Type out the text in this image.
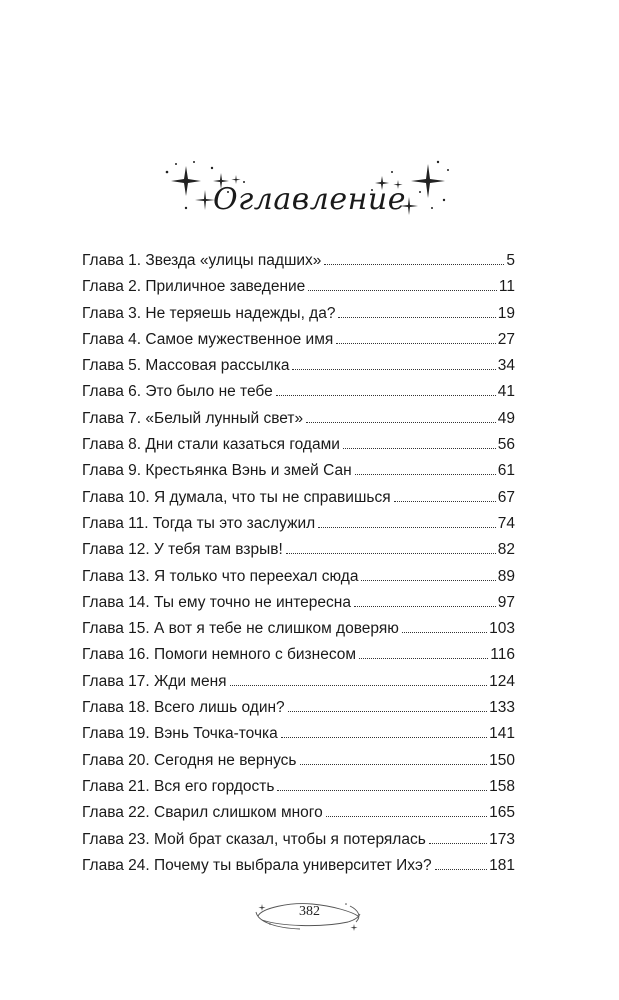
Оглавление
Глава 1. Звезда «улицы падших»	5
Глава 2. Приличное заведение	11
Глава 3. Не теряешь надежды, да?	19
Глава 4. Самое мужественное имя	27
Глава 5. Массовая рассылка	34
Глава 6. Это было не тебе	41
Глава 7. «Белый лунный свет»	49
Глава 8. Дни стали казаться годами	56
Глава 9. Крестьянка Вэнь и змей Сан	61
Глава 10. Я думала, что ты не справишься	67
Глава 11. Тогда ты это заслужил	74
Глава 12. У тебя там взрыв!	82
Глава 13. Я только что переехал сюда	89
Глава 14. Ты ему точно не интересна	97
Глава 15. А вот я тебе не слишком доверяю	103
Глава 16. Помоги немного с бизнесом	116
Глава 17. Жди меня	124
Глава 18. Всего лишь один?	133
Глава 19. Вэнь Точка-точка	141
Глава 20. Сегодня не вернусь	150
Глава 21. Вся его гордость	158
Глава 22. Сварил слишком много	165
Глава 23. Мой брат сказал, чтобы я потерялась	173
Глава 24. Почему ты выбрала университет Ихэ?	181
382
